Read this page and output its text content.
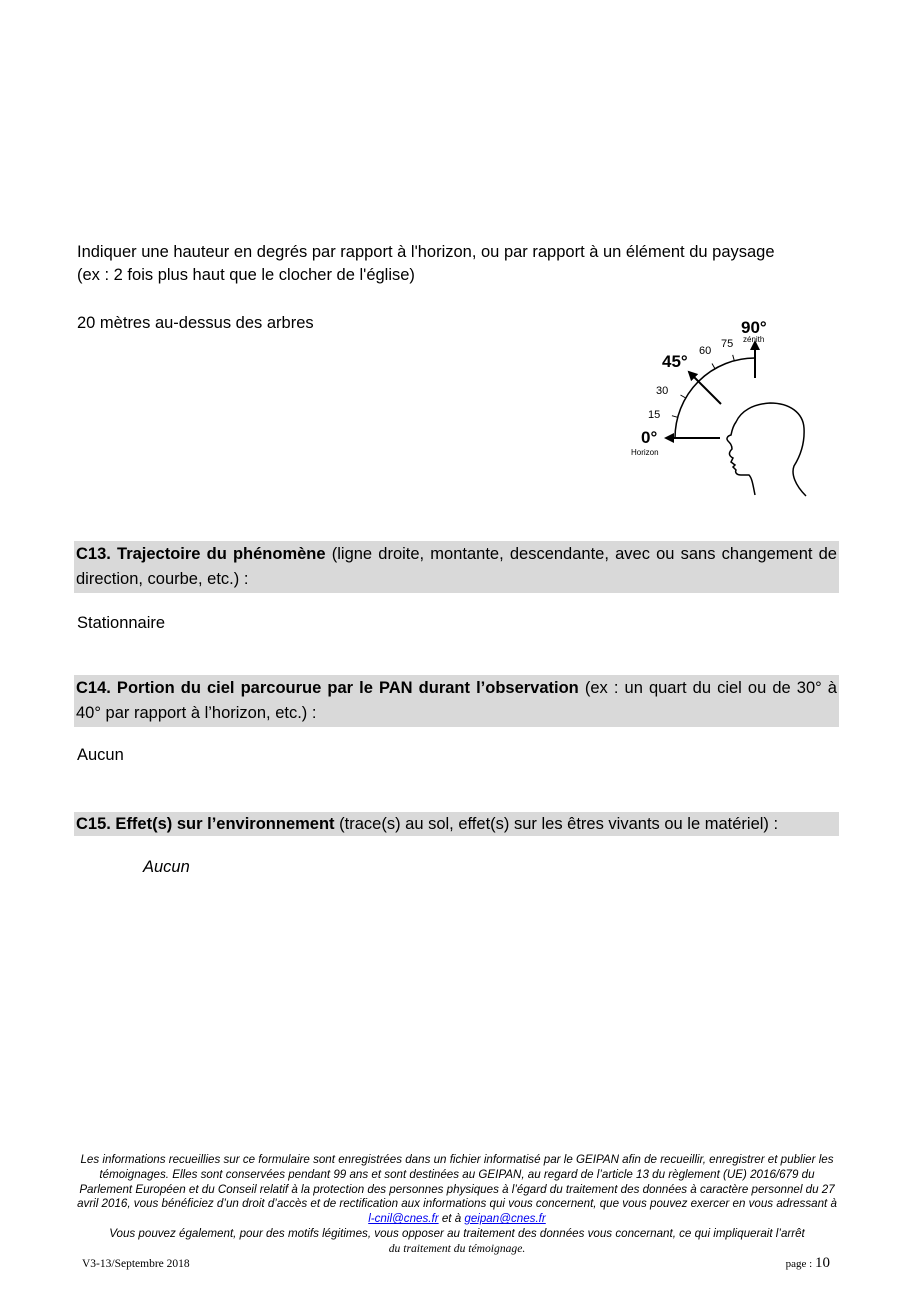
Indiquer une hauteur en degrés par rapport à l'horizon, ou par rapport à un élément du paysage
(ex : 2 fois plus haut que le clocher de l'église)
20 mètres au-dessus des arbres	90°
zénith
75
60
45°
30
15
0°
Horizon
C13. Trajectoire du phénomène (ligne droite, montante, descendante, avec ou sans changement de direction, courbe, etc.) :
Stationnaire
C14. Portion du ciel parcourue par le PAN durant l’observation (ex : un quart du ciel ou de 30° à 40° par rapport à l’horizon, etc.) :
Aucun
C15. Effet(s) sur l’environnement (trace(s) au sol, effet(s) sur les êtres vivants ou le matériel) :
Aucun
Les informations recueillies sur ce formulaire sont enregistrées dans un fichier informatisé par le GEIPAN afin de recueillir, enregistrer et publier les témoignages. Elles sont conservées pendant 99 ans et sont destinées au GEIPAN, au regard de l’article 13 du règlement (UE) 2016/679 du Parlement Européen et du Conseil relatif à la protection des personnes physiques à l’égard du traitement des données à caractère personnel du 27 avril 2016, vous bénéficiez d’un droit d’accès et de rectification aux informations qui vous concernent, que vous pouvez exercer en vous adressant à l-cnil@cnes.fr et à geipan@cnes.fr
Vous pouvez également, pour des motifs légitimes, vous opposer au traitement des données vous concernant, ce qui impliquerait l’arrêt
du traitement du témoignage.
V3-13/Septembre 2018	page : 10
